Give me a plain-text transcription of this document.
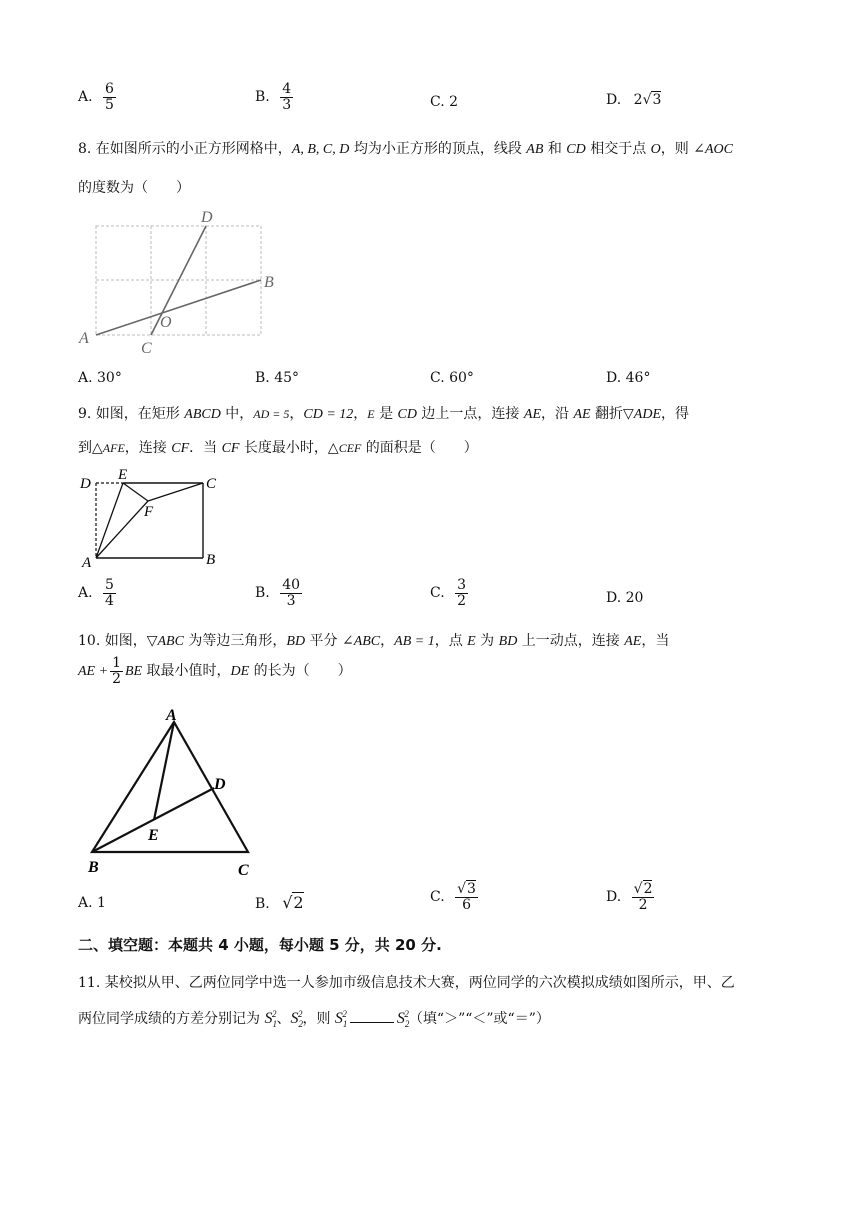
A. $\frac{6}{5}$	B. $\frac{4}{3}$	C. 2	D. 2√3
8. 在如图所示的小正方形网格中，A, B, C, D 均为小正方形的顶点，线段 AB 和 CD 相交于点 O，则 ∠AOC
的度数为（　　）
A
B
C
D
O
A. 30°	B. 45°	C. 60°	D. 46°
9. 如图，在矩形 ABCD 中，AD = 5，CD = 12，E 是 CD 边上一点，连接 AE，沿 AE 翻折▽ADE，得
到△AFE，连接 CF．当 CF 长度最小时，△CEF 的面积是（　　）
D
E
C
F
A	B
A. $\frac{5}{4}$	B. $\frac{40}{3}$	C. $\frac{3}{2}$	D. 20
10. 如图，▽ABC 为等边三角形，BD 平分 ∠ABC，AB = 1，点 E 为 BD 上一动点，连接 AE，当
AE + $\frac{1}{2}$ BE 取最小值时，DE 的长为（　　）
A
B	C
D
E
A. 1	B. √2	C. $\frac{√3}{6}$	D. $\frac{√2}{2}$
二、填空题：本题共 4 小题，每小题 5 分，共 20 分.
11. 某校拟从甲、乙两位同学中选一人参加市级信息技术大赛，两位同学的六次模拟成绩如图所示，甲、乙
两位同学成绩的方差分别记为 $S_1^2$、$S_2^2$，则 $S_1^2$	$S_2^2$（填“＞”“＜”或“＝”）
